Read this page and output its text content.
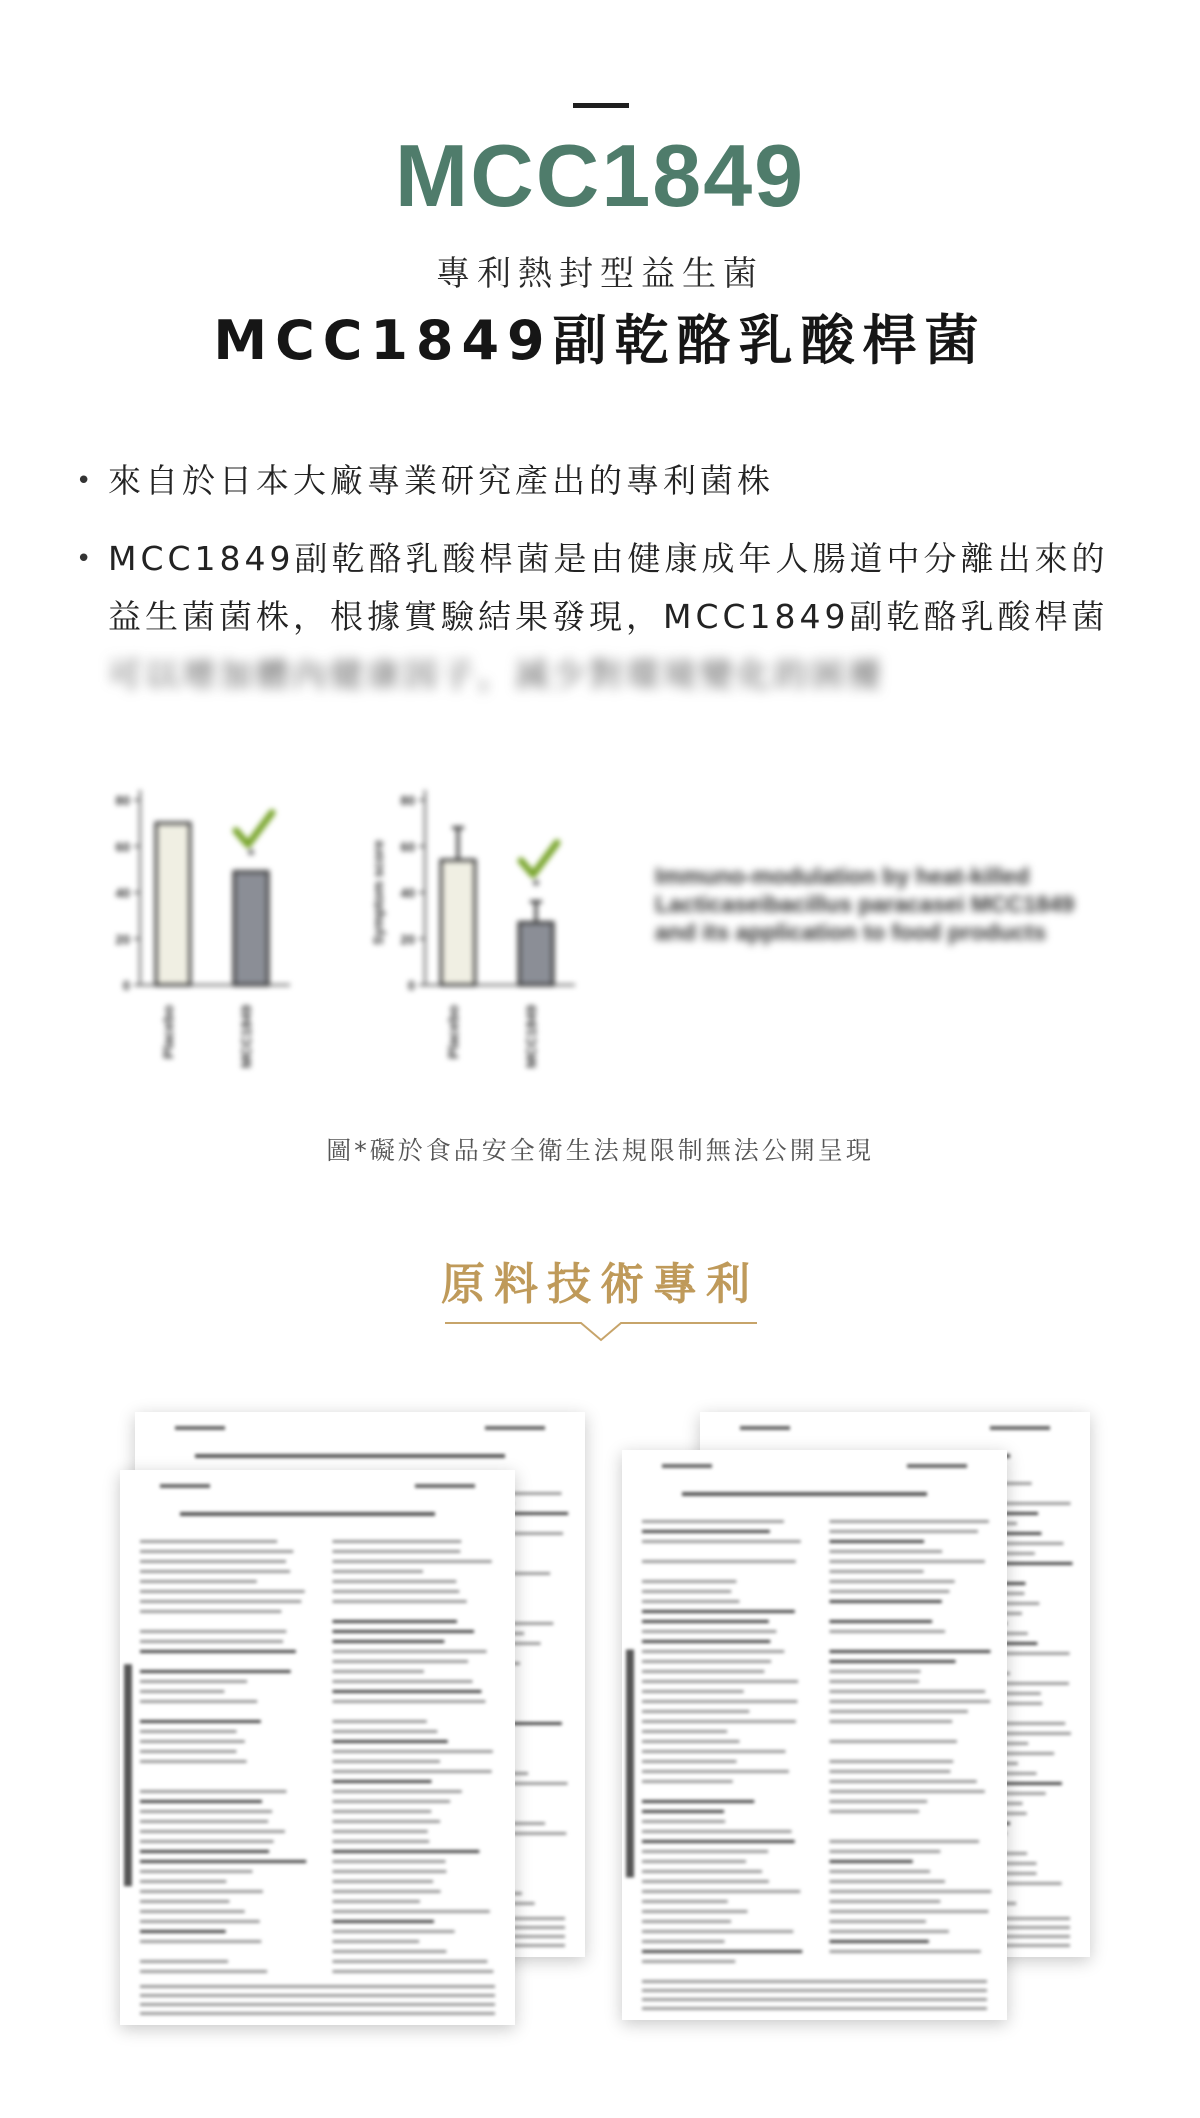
MCC1849
專利熱封型益生菌
MCC1849副乾酪乳酸桿菌
• 來自於日本大廠專業研究產出的專利菌株
• MCC1849副乾酪乳酸桿菌是由健康成年人腸道中分離出來的益生菌菌株，根據實驗結果發現，MCC1849副乾酪乳酸桿菌可以增加體內健康因子，減少對環境變化的困擾
0
20
40
60
80
Placebo	MCC1849
*
0
20
40
60
80
Symptom score
Placebo	MCC1849
*	Immuno-modulation by heat-killed Lacticaseibacillus paracasei MCC1849 and its application to food products
圖*礙於食品安全衛生法規限制無法公開呈現
原料技術專利
